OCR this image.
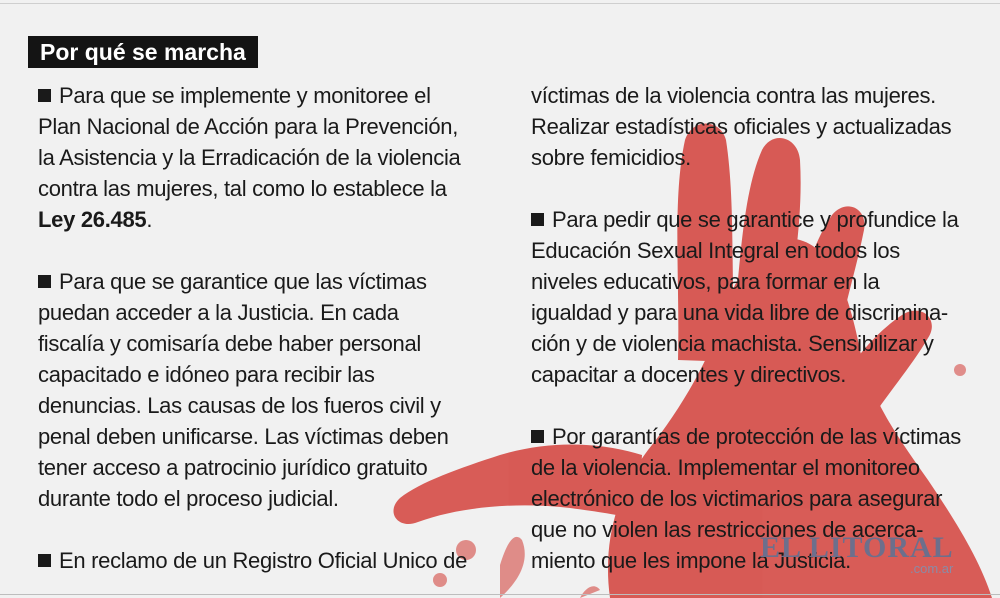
Por qué se marcha
Para que se implemente y monitoree el
Plan Nacional de Acción para la Prevención,
la Asistencia y la Erradicación de la violencia
contra las mujeres, tal como lo establece la
Ley 26.485.
Para que se garantice que las víctimas
puedan acceder a la Justicia. En cada
fiscalía y comisaría debe haber personal
capacitado e idóneo para recibir las
denuncias. Las causas de los fueros civil y
penal deben unificarse. Las víctimas deben
tener acceso a patrocinio jurídico gratuito
durante todo el proceso judicial.
En reclamo de un Registro Oficial Unico de
víctimas de la violencia contra las mujeres.
Realizar estadísticas oficiales y actualizadas
sobre femicidios.
Para pedir que se garantice y profundice la
Educación Sexual Integral en todos los
niveles educativos, para formar en la
igualdad y para una vida libre de discrimina-
ción y de violencia machista. Sensibilizar y
capacitar a docentes y directivos.
Por garantías de protección de las víctimas
de la violencia. Implementar el monitoreo
electrónico de los victimarios para asegurar
que no violen las restricciones de acerca-
miento que les impone la Justicia.
EL LITORAL
.com.ar
